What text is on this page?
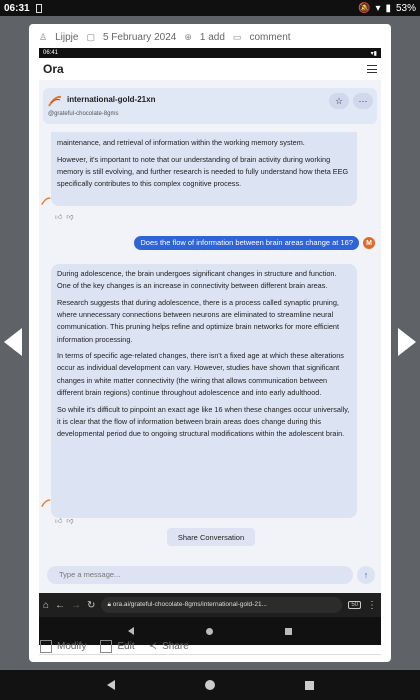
06:31	🔕 ▾ ▮ 53%
♙ Lijpje ▢ 5 February 2024 ⊕ 1 add ▭ comment
06:41	▾▮
Ora
international-gold-21xn
@grateful-chocolate-8gms
☆	···

maintenance, and retrieval of information within the working memory system.

However, it's important to note that our understanding of brain activity during working memory is still evolving, and further research is needed to fully understand how theta EEG specifically contributes to this complex cognitive process.

👍︎ 👎︎
Does the flow of information between brain areas change at 16?	M

During adolescence, the brain undergoes significant changes in structure and function. One of the key changes is an increase in connectivity between different brain areas.

Research suggests that during adolescence, there is a process called synaptic pruning, where unnecessary connections between neurons are eliminated to streamline neural communication. This pruning helps refine and optimize brain networks for more efficient information processing.

In terms of specific age-related changes, there isn't a fixed age at which these alterations occur as individual development can vary. However, studies have shown that significant changes in white matter connectivity (the wiring that allows communication between different brain regions) continue throughout adolescence and into early adulthood.

So while it's difficult to pinpoint an exact age like 16 when these changes occur universally, it is clear that the flow of information between brain areas does change during this developmental period due to ongoing structural modifications within the adolescent brain.

👍︎ 👎︎
Share Conversation
Type a message...	↑
⌂ ← → ↻	🔒︎ ora.ai/grateful-chocolate-8gms/international-gold-21...	50 ⋮
Modify	Edit ≺ Share
